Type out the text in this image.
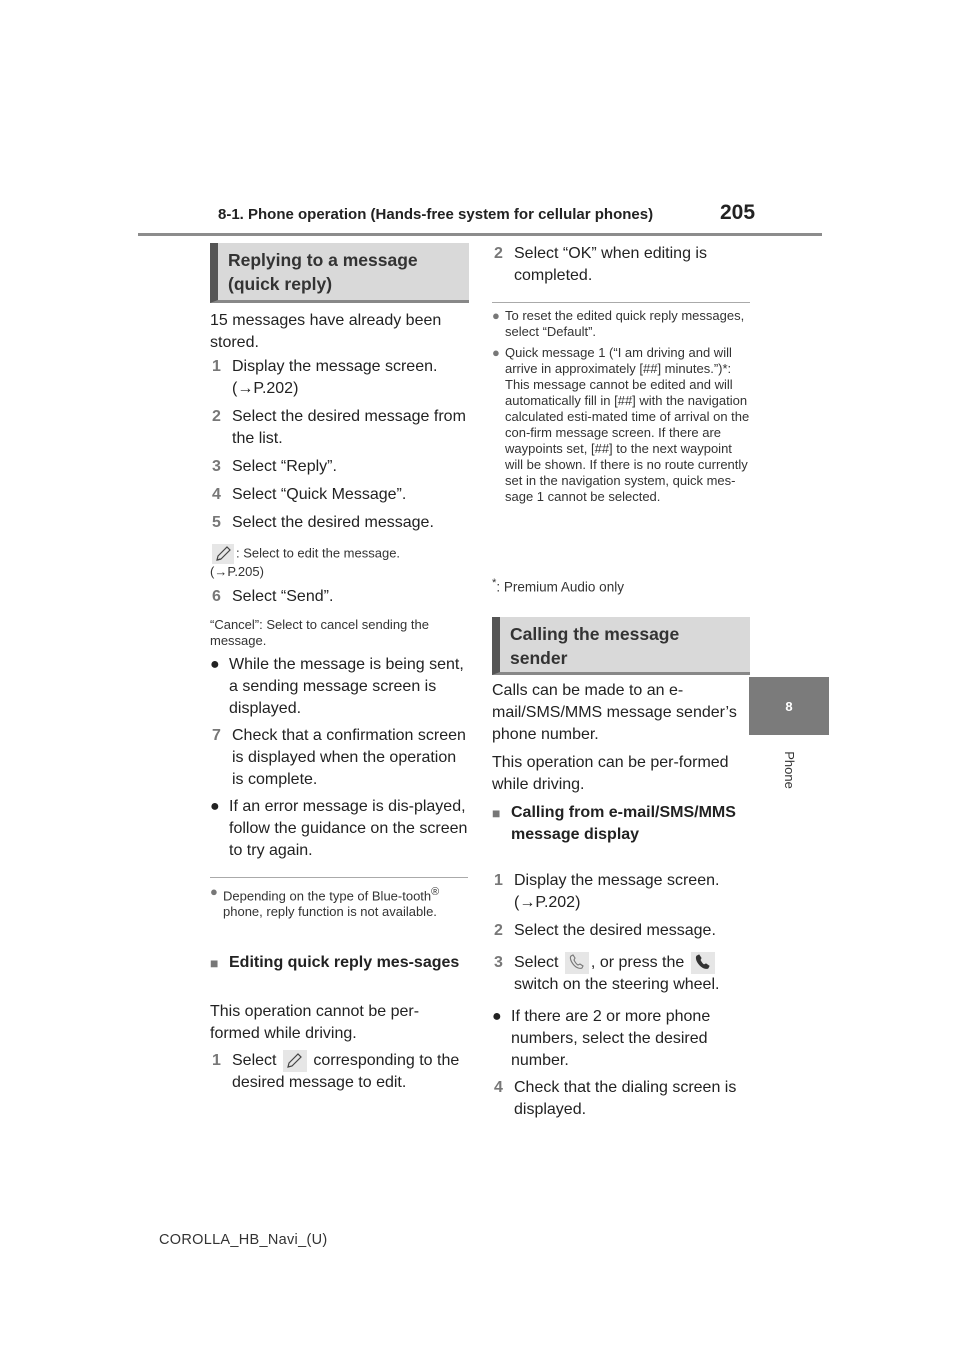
8-1. Phone operation (Hands-free system for cellular phones)	205
8
Phone
Replying to a message (quick reply)
15 messages have already been stored.
1 Display the message screen.
(→P.202)
2 Select the desired message from the list.
3 Select “Reply”.
4 Select “Quick Message”.
5 Select the desired message.
: Select to edit the message.
(→P.205)
6 Select “Send”.
“Cancel”: Select to cancel sending the message.
● While the message is being sent, a sending message screen is displayed.
7 Check that a confirmation screen is displayed when the operation is complete.
● If an error message is dis-played, follow the guidance on the screen to try again.
● Depending on the type of Blue-tooth® phone, reply function is not available.
■ Editing quick reply mes-sages
This operation cannot be per-formed while driving.
1 Select corresponding to the desired message to edit.
2 Select “OK” when editing is completed.
● To reset the edited quick reply messages, select “Default”.
● Quick message 1 (“I am driving and will arrive in approximately [##] minutes.”)*: This message cannot be edited and will automatically fill in [##] with the navigation calculated esti-mated time of arrival on the con-firm message screen. If there are waypoints set, [##] to the next waypoint will be shown. If there is no route currently set in the navigation system, quick mes-sage 1 cannot be selected.
*: Premium Audio only
Calling the message sender
Calls can be made to an e-mail/SMS/MMS message sender’s phone number.
This operation can be per-formed while driving.
■ Calling from e-mail/SMS/MMS message display
1 Display the message screen.
(→P.202)
2 Select the desired message.
3 Select , or press the

switch on the steering wheel.
● If there are 2 or more phone numbers, select the desired number.
4 Check that the dialing screen is displayed.
COROLLA_HB_Navi_(U)
